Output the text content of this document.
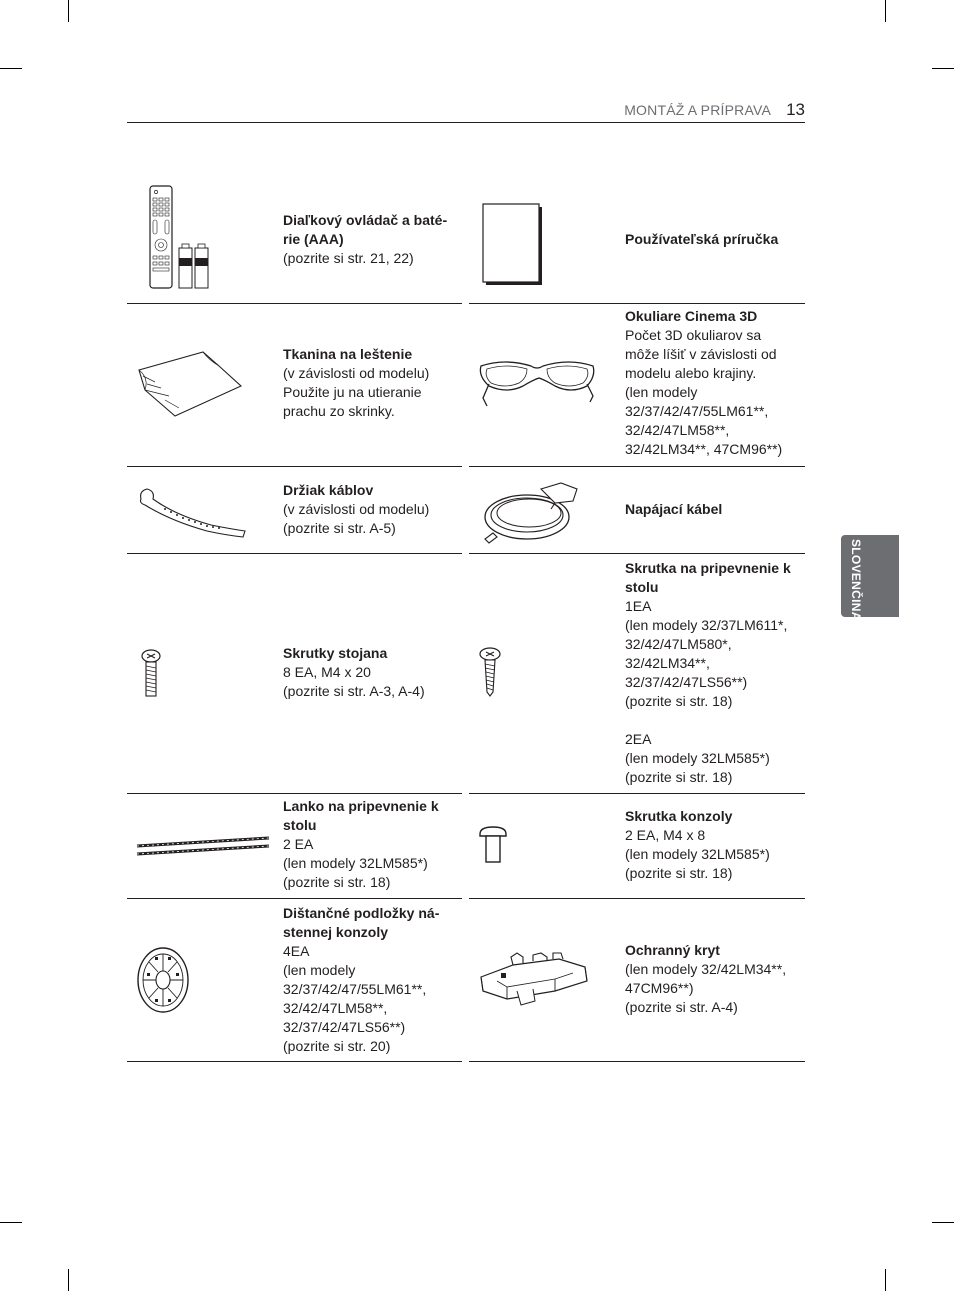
MONTÁŽ A PRÍPRAVA 13
SLOVENČINA
Diaľkový ovládač a baté-
rie (AAA)
(pozrite si str. 21, 22)
Používateľská príručka
Tkanina na leštenie
(v závislosti od modelu)
Použite ju na utieranie
prachu zo skrinky.
Okuliare Cinema 3D
Počet 3D okuliarov sa
môže líšiť v závislosti od
modelu alebo krajiny.
(len modely
32/37/42/47/55LM61**,
32/42/47LM58**,
32/42LM34**, 47CM96**)
Držiak káblov
(v závislosti od modelu)
(pozrite si str. A-5)
Napájací kábel
Skrutky stojana
8 EA, M4 x 20
(pozrite si str. A-3, A-4)
Skrutka na pripevnenie k
stolu
1EA
(len modely 32/37LM611*,
32/42/47LM580*,
32/42LM34**,
32/37/42/47LS56**)
(pozrite si str. 18)
2EA
(len modely 32LM585*)
(pozrite si str. 18)
Lanko na pripevnenie k
stolu
2 EA
(len modely 32LM585*)
(pozrite si str. 18)
Skrutka konzoly
2 EA, M4 x 8
(len modely 32LM585*)
(pozrite si str. 18)
Dištančné podložky ná-
stennej konzoly
4EA
(len modely
32/37/42/47/55LM61**,
32/42/47LM58**,
32/37/42/47LS56**)
(pozrite si str. 20)
Ochranný kryt
(len modely 32/42LM34**,
47CM96**)
(pozrite si str. A-4)
